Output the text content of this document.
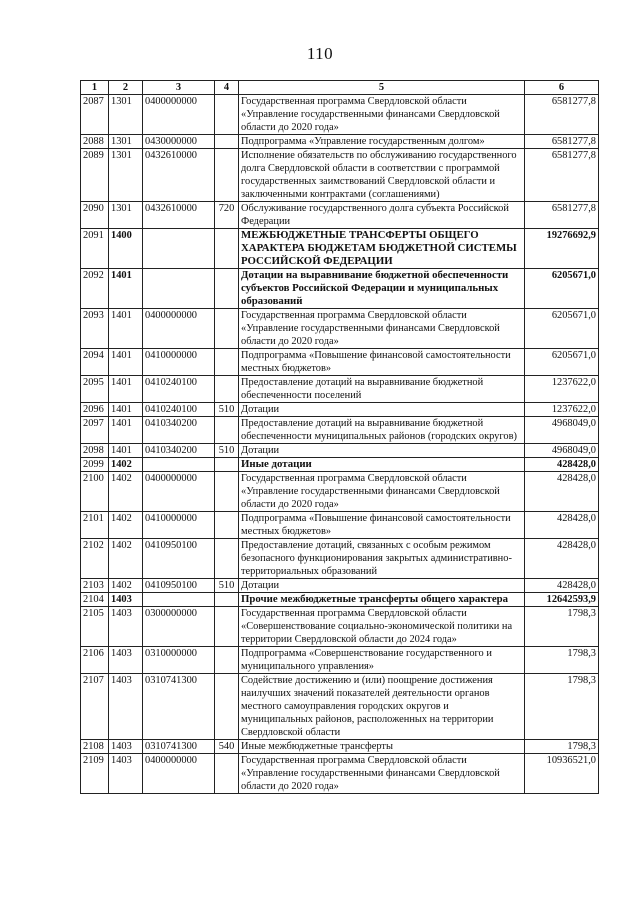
110
1	2	3	4	5	6
2087	1301	0400000000		Государственная программа Свердловской области «Управление государственными финансами Свердловской области до 2020 года»	6581277,8
2088	1301	0430000000		Подпрограмма «Управление государственным долгом»	6581277,8
2089	1301	0432610000		Исполнение обязательств по обслуживанию государственного долга Свердловской области в соответствии с программой государственных заимствований Свердловской области и заключенными контрактами (соглашениями)	6581277,8
2090	1301	0432610000	720	Обслуживание государственного долга субъекта Российской Федерации	6581277,8
2091	1400			МЕЖБЮДЖЕТНЫЕ ТРАНСФЕРТЫ ОБЩЕГО ХАРАКТЕРА БЮДЖЕТАМ БЮДЖЕТНОЙ СИСТЕМЫ РОССИЙСКОЙ ФЕДЕРАЦИИ	19276692,9
2092	1401			Дотации на выравнивание бюджетной обеспеченности субъектов Российской Федерации и муниципальных образований	6205671,0
2093	1401	0400000000		Государственная программа Свердловской области «Управление государственными финансами Свердловской области до 2020 года»	6205671,0
2094	1401	0410000000		Подпрограмма «Повышение финансовой самостоятельности местных бюджетов»	6205671,0
2095	1401	0410240100		Предоставление дотаций на выравнивание бюджетной обеспеченности поселений	1237622,0
2096	1401	0410240100	510	Дотации	1237622,0
2097	1401	0410340200		Предоставление дотаций на выравнивание бюджетной обеспеченности муниципальных районов (городских округов)	4968049,0
2098	1401	0410340200	510	Дотации	4968049,0
2099	1402			Иные дотации	428428,0
2100	1402	0400000000		Государственная программа Свердловской области «Управление государственными финансами Свердловской области до 2020 года»	428428,0
2101	1402	0410000000		Подпрограмма «Повышение финансовой самостоятельности местных бюджетов»	428428,0
2102	1402	0410950100		Предоставление дотаций, связанных с особым режимом безопасного функционирования закрытых административно-территориальных образований	428428,0
2103	1402	0410950100	510	Дотации	428428,0
2104	1403			Прочие межбюджетные трансферты общего характера	12642593,9
2105	1403	0300000000		Государственная программа Свердловской области «Совершенствование социально-экономической политики на территории Свердловской области до 2024 года»	1798,3
2106	1403	0310000000		Подпрограмма «Совершенствование государственного и муниципального управления»	1798,3
2107	1403	0310741300		Содействие достижению и (или) поощрение достижения наилучших значений показателей деятельности органов местного самоуправления городских округов и муниципальных районов, расположенных на территории Свердловской области	1798,3
2108	1403	0310741300	540	Иные межбюджетные трансферты	1798,3
2109	1403	0400000000		Государственная программа Свердловской области «Управление государственными финансами Свердловской области до 2020 года»	10936521,0
